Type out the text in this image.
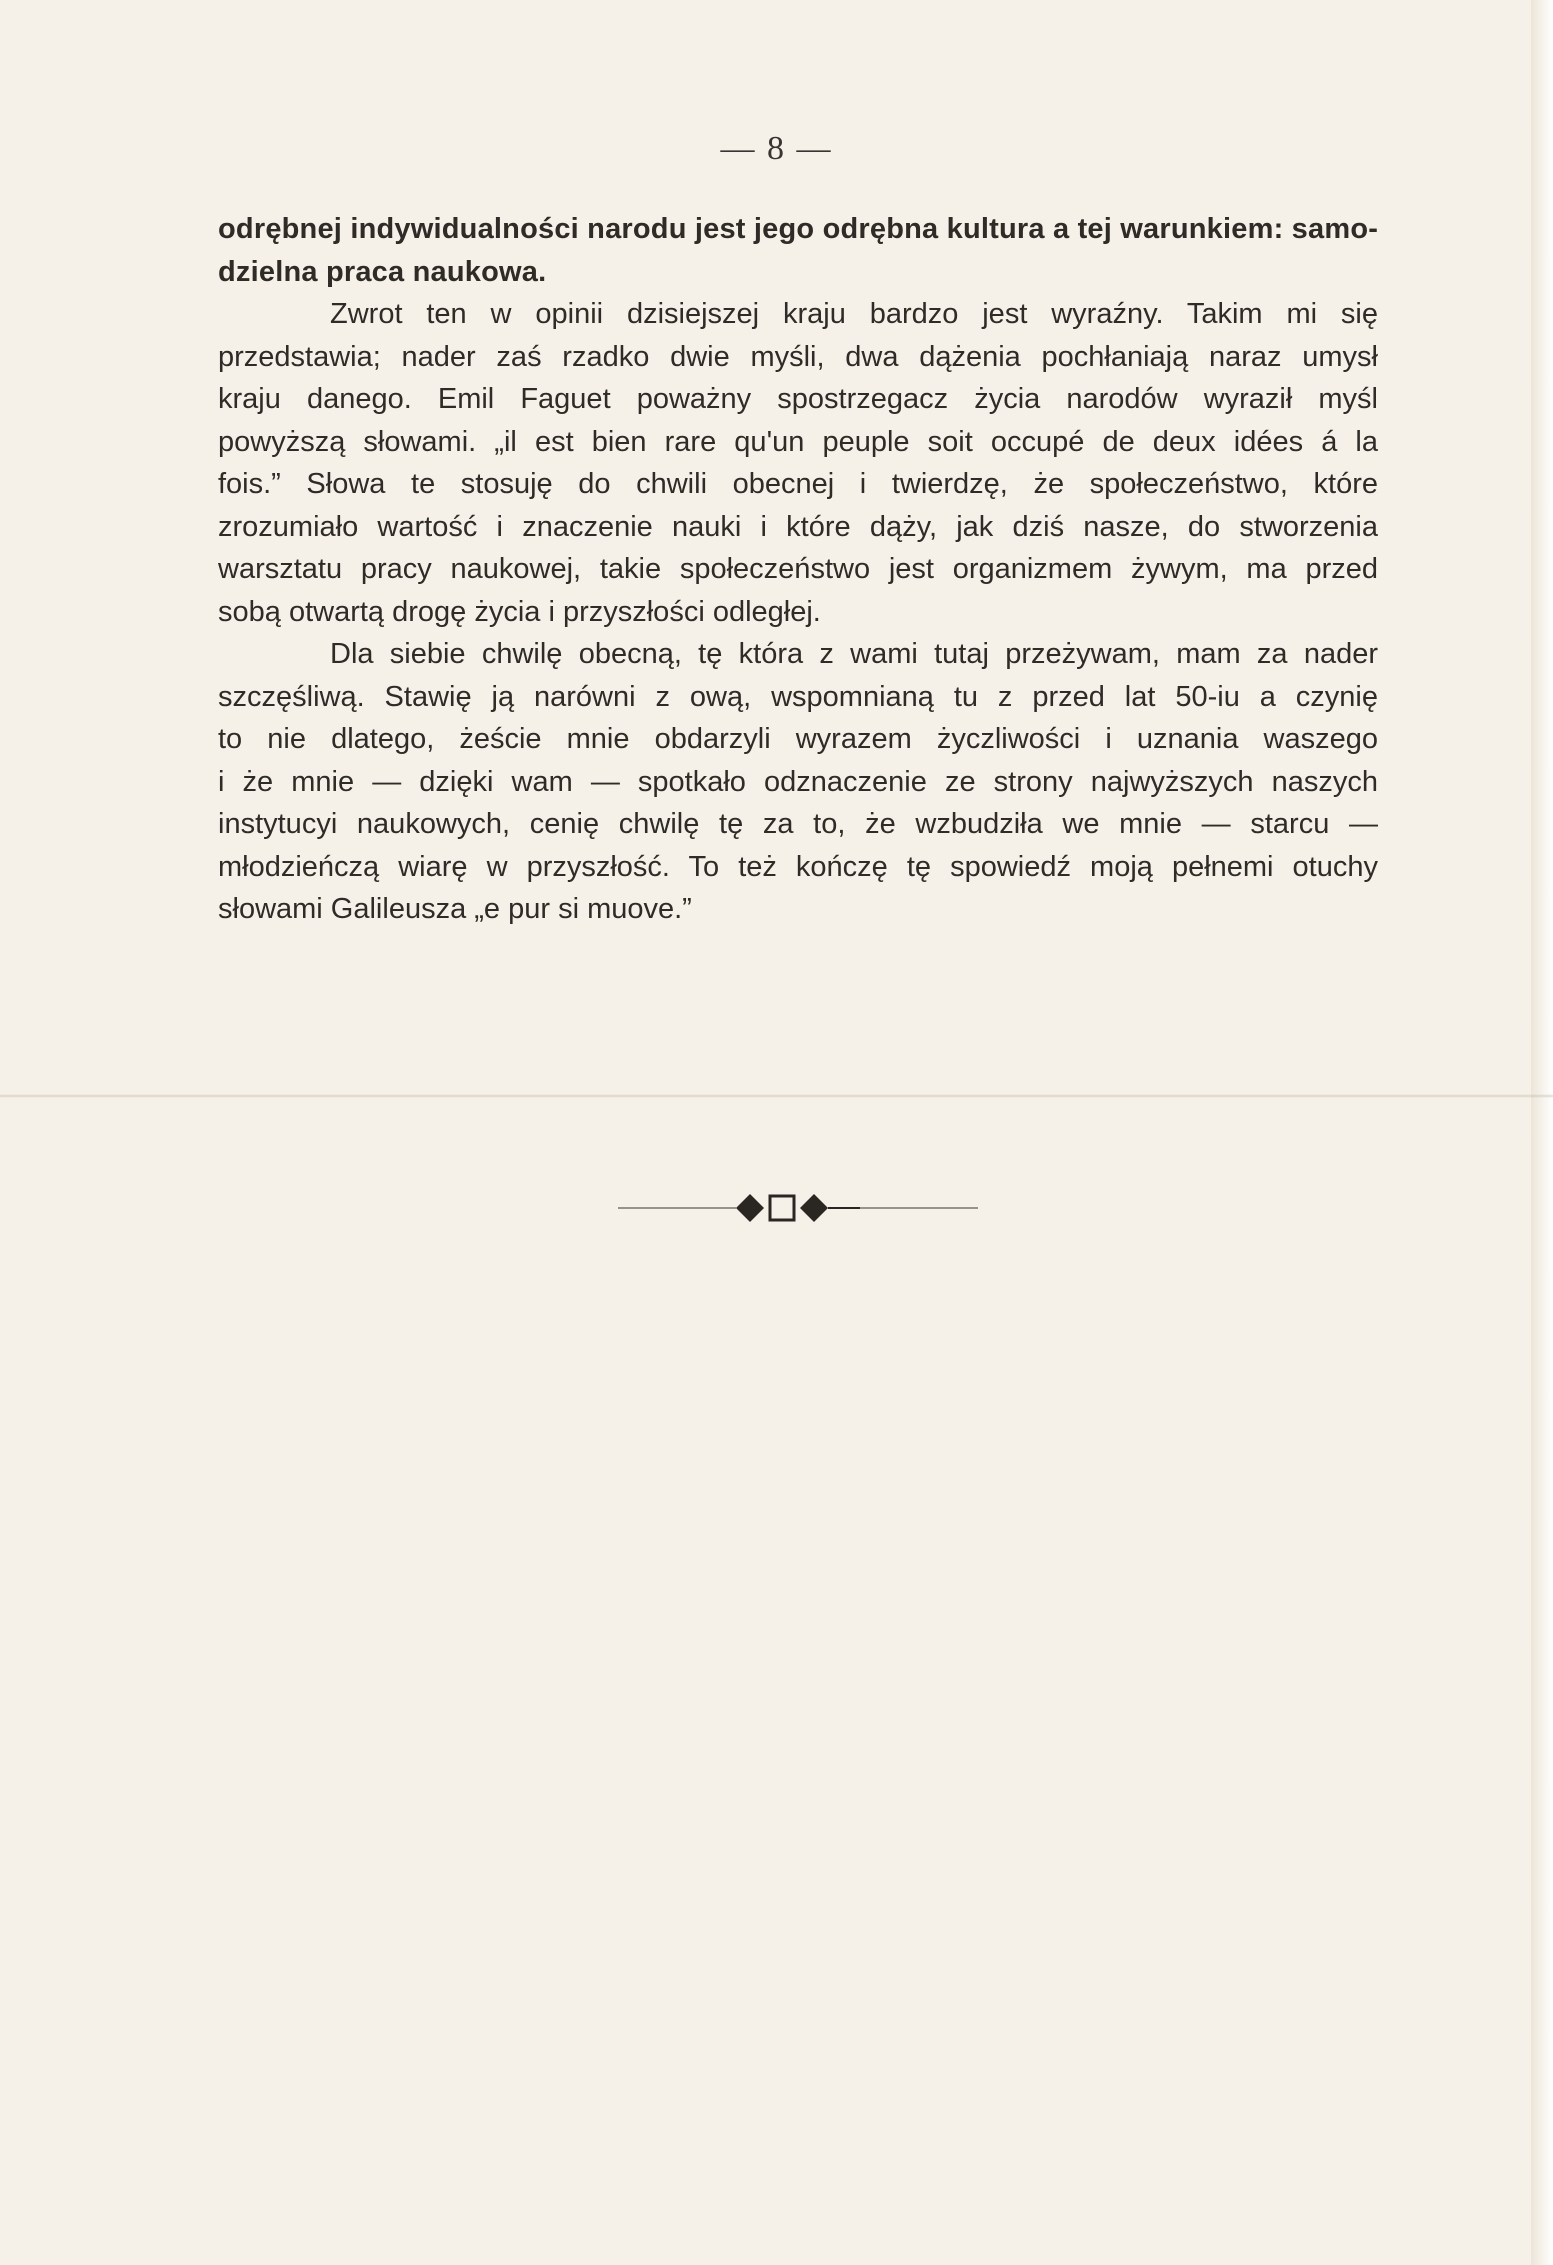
— 8 —
odrębnej indywidualności narodu jest jego odrębna kultura a tej warunkiem: samo-
dzielna praca naukowa.
Zwrot ten w opinii dzisiejszej kraju bardzo jest wyraźny. Takim mi się
przedstawia; nader zaś rzadko dwie myśli, dwa dążenia pochłaniają naraz umysł
kraju danego. Emil Faguet poważny spostrzegacz życia narodów wyraził myśl
powyższą słowami. „il est bien rare qu'un peuple soit occupé de deux idées á la
fois.” Słowa te stosuję do chwili obecnej i twierdzę, że społeczeństwo, które
zrozumiało wartość i znaczenie nauki i które dąży, jak dziś nasze, do stworzenia
warsztatu pracy naukowej, takie społeczeństwo jest organizmem żywym, ma przed
sobą otwartą drogę życia i przyszłości odległej.
Dla siebie chwilę obecną, tę która z wami tutaj przeżywam, mam za nader
szczęśliwą. Stawię ją narówni z ową, wspomnianą tu z przed lat 50-iu a czynię
to nie dlatego, żeście mnie obdarzyli wyrazem życzliwości i uznania waszego
i że mnie — dzięki wam — spotkało odznaczenie ze strony najwyższych naszych
instytucyi naukowych, cenię chwilę tę za to, że wzbudziła we mnie — starcu —
młodzieńczą wiarę w przyszłość. To też kończę tę spowiedź moją pełnemi otuchy
słowami Galileusza „e pur si muove.”
